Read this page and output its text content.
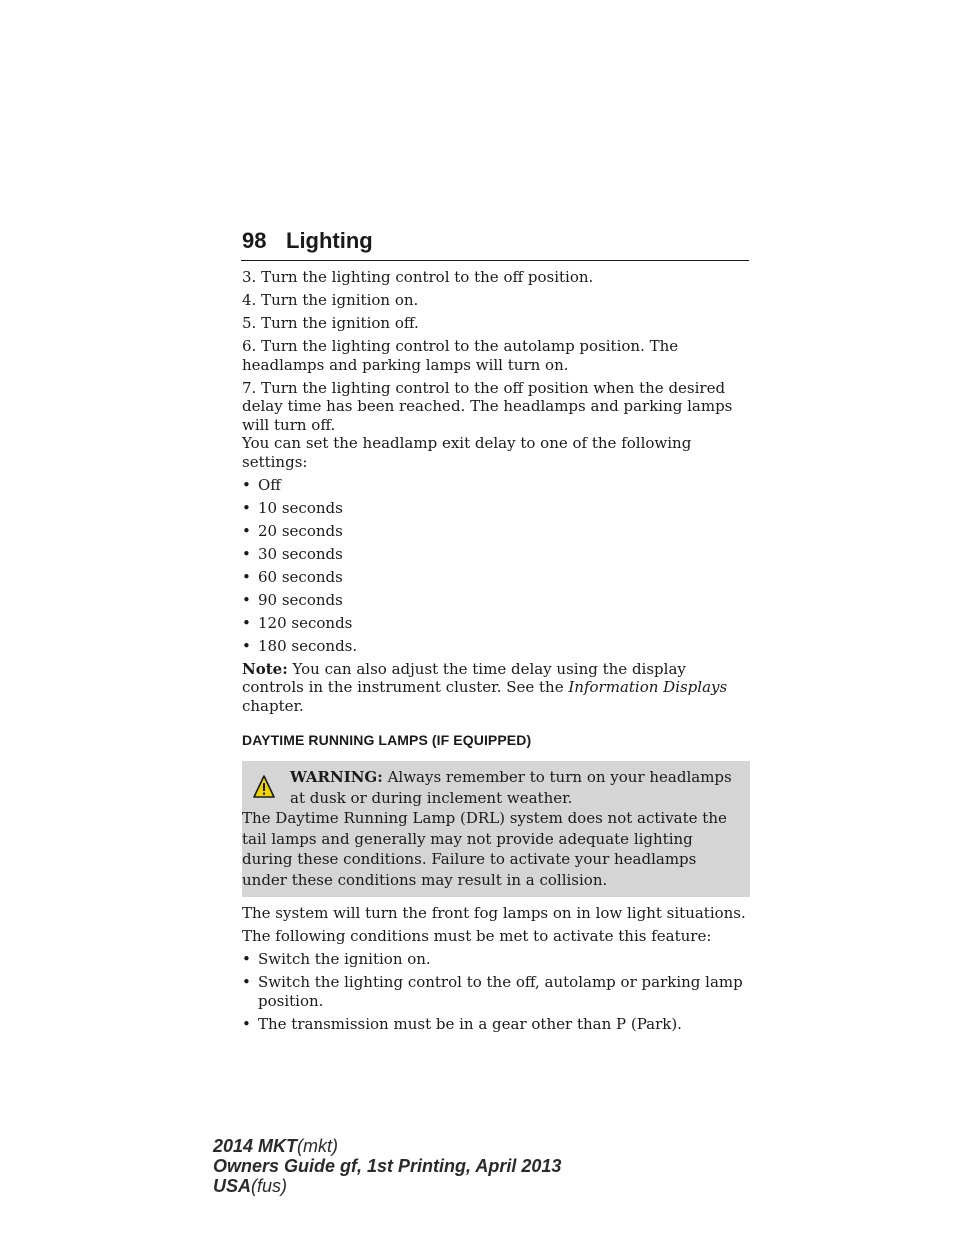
98 Lighting

3. Turn the lighting control to the off position.

4. Turn the ignition on.

5. Turn the ignition off.

6. Turn the lighting control to the autolamp position. The headlamps and parking lamps will turn on.

7. Turn the lighting control to the off position when the desired delay time has been reached. The headlamps and parking lamps will turn off.

You can set the headlamp exit delay to one of the following settings:

• Off
• 10 seconds
• 20 seconds
• 30 seconds
• 60 seconds
• 90 seconds
• 120 seconds
• 180 seconds.

Note: You can also adjust the time delay using the display controls in the instrument cluster. See the Information Displays chapter.

DAYTIME RUNNING LAMPS (IF EQUIPPED)
WARNING: Always remember to turn on your headlamps at dusk or during inclement weather.
The Daytime Running Lamp (DRL) system does not activate the tail lamps and generally may not provide adequate lighting during these conditions. Failure to activate your headlamps under these conditions may result in a collision.

The system will turn the front fog lamps on in low light situations.

The following conditions must be met to activate this feature:

• Switch the ignition on.
• Switch the lighting control to the off, autolamp or parking lamp position.
• The transmission must be in a gear other than P (Park).
2014 MKT(mkt)
Owners Guide gf, 1st Printing, April 2013
USA(fus)
